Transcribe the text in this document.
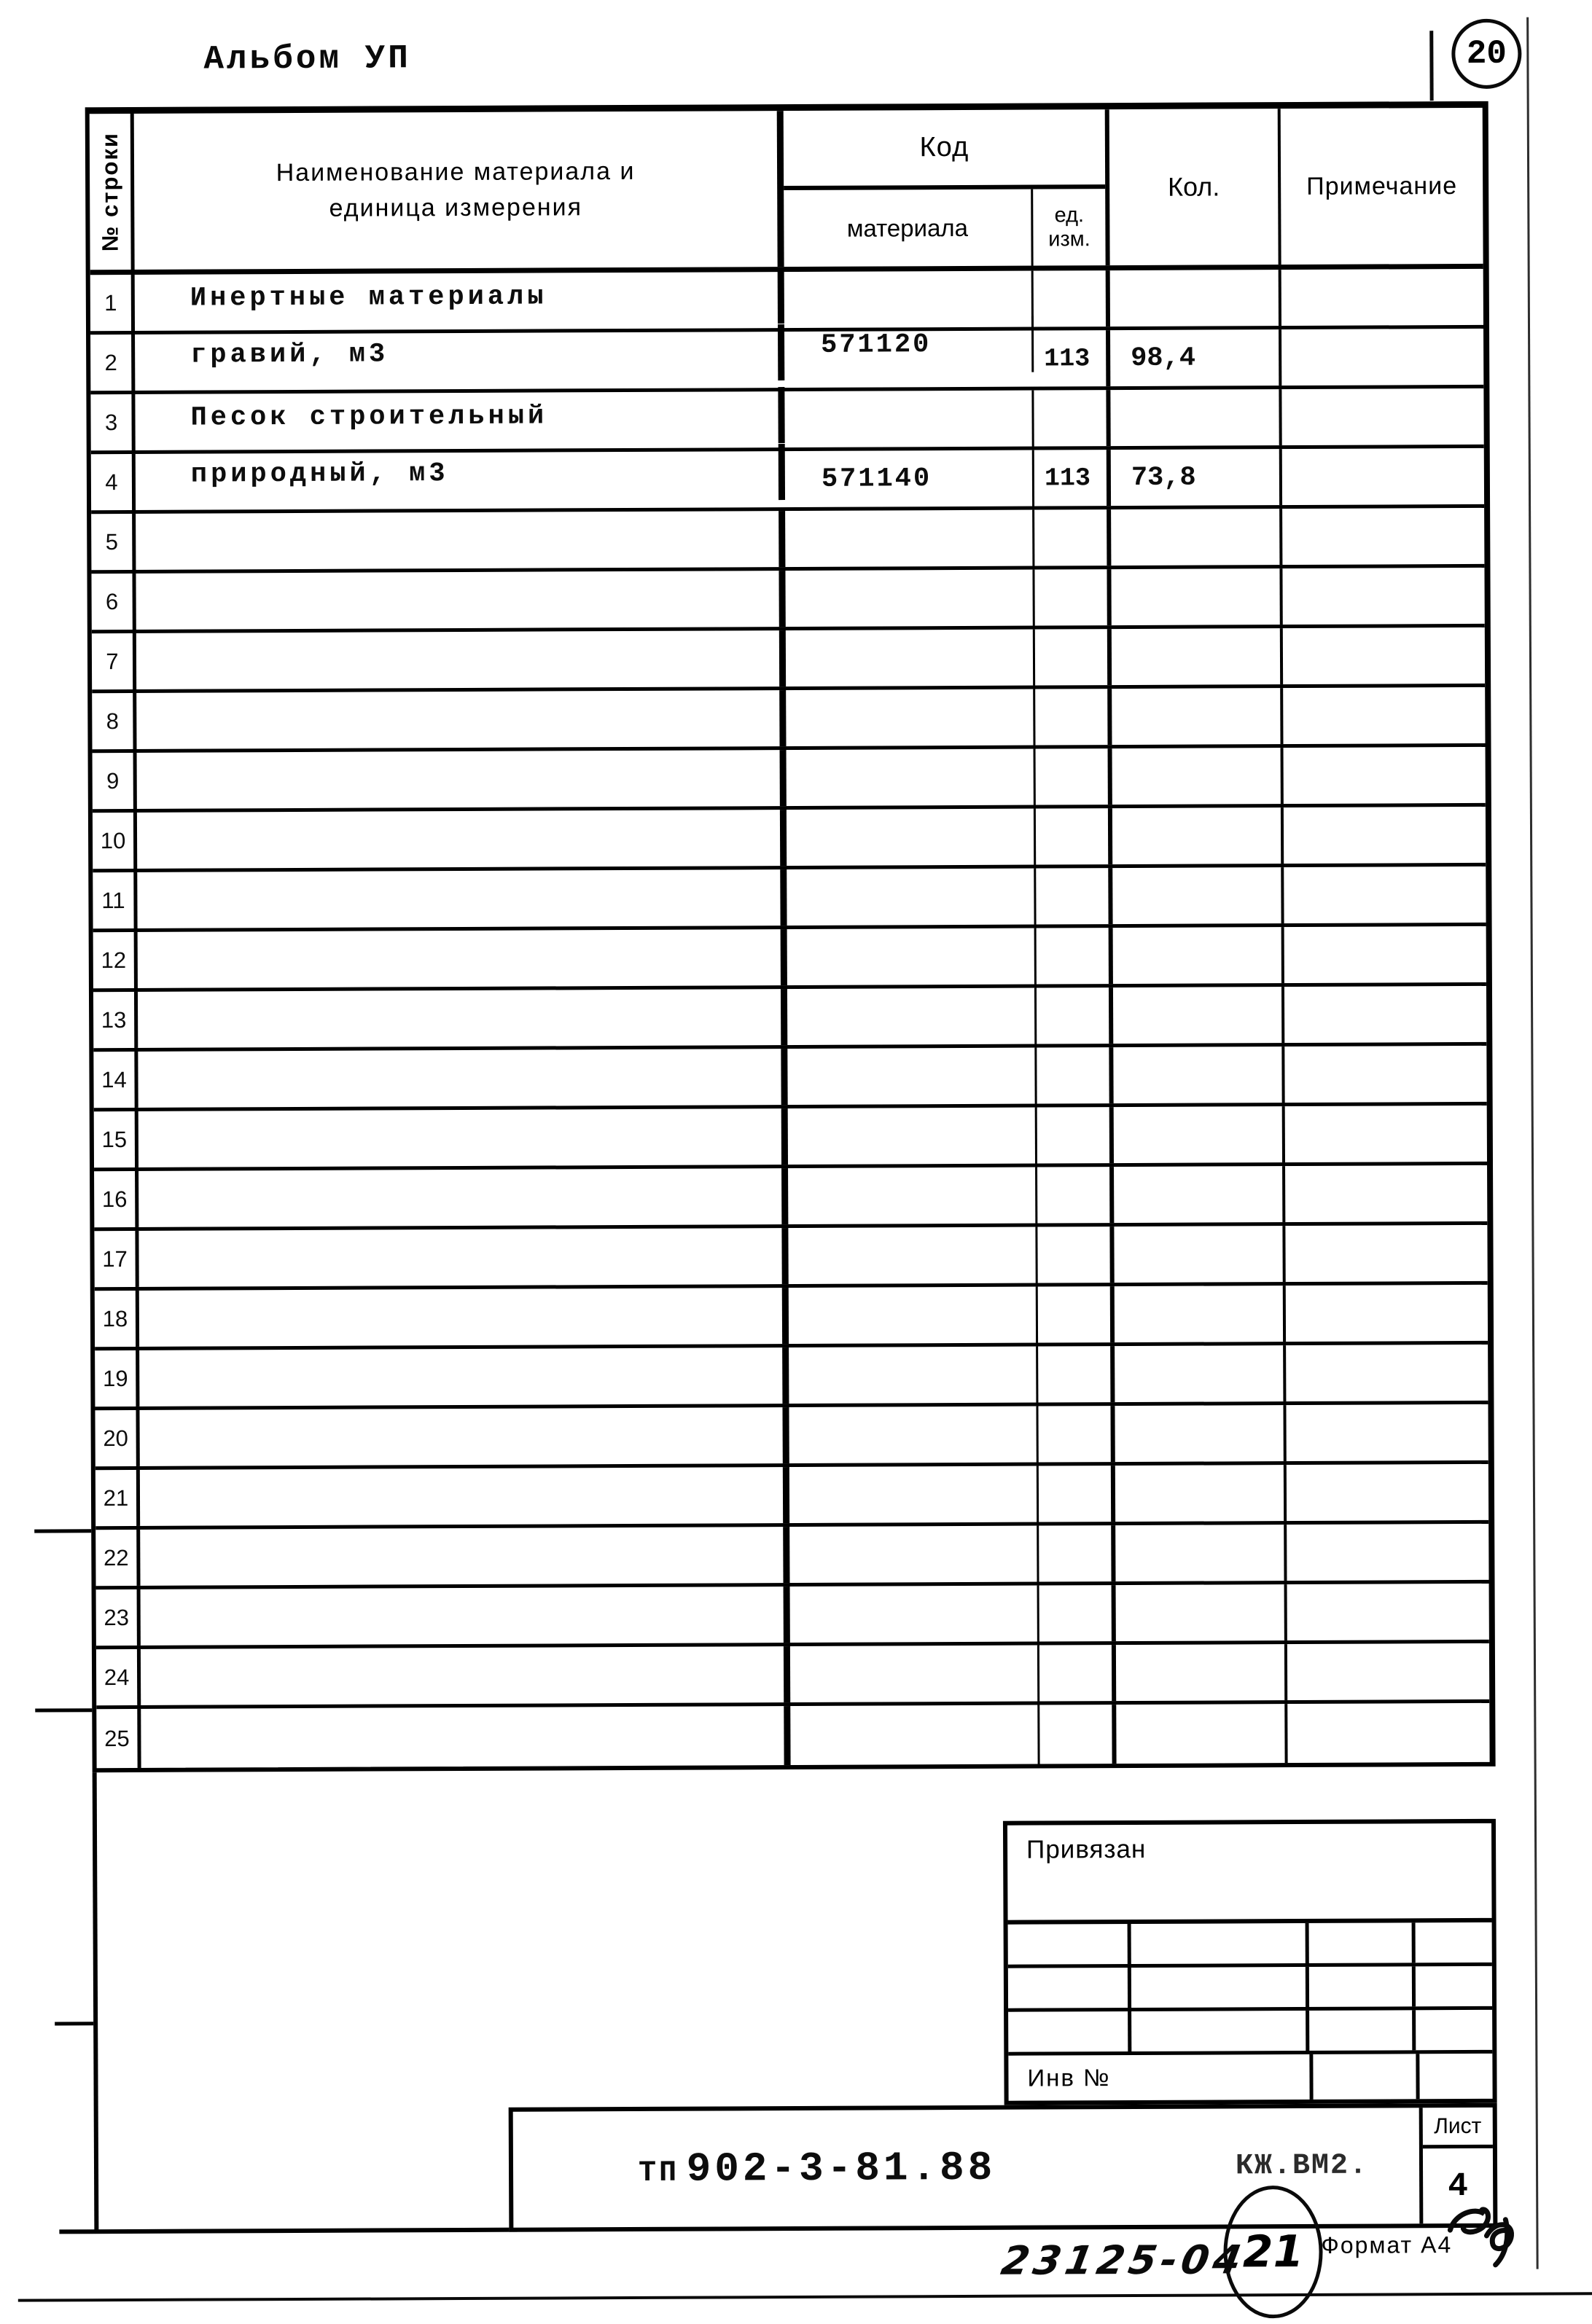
Альбом УП	20
№ строки	Наименование материала и
единица измерения
Код
материала	ед.
изм.
Кол.	Примечание
1	Инертные материалы
2	гравий, м3	571120	113	98,4
3	Песок строительный
4	природный, м3	571140	113	73,8
5
6
7
8
9
10
11
12
13
14
15
16
17
18
19
20
21
22
23
24
25
Привязан
Инв №
ТП 902-3-81.88	КЖ.ВМ2.
Лист
4
23125-04
21 Формат А4
